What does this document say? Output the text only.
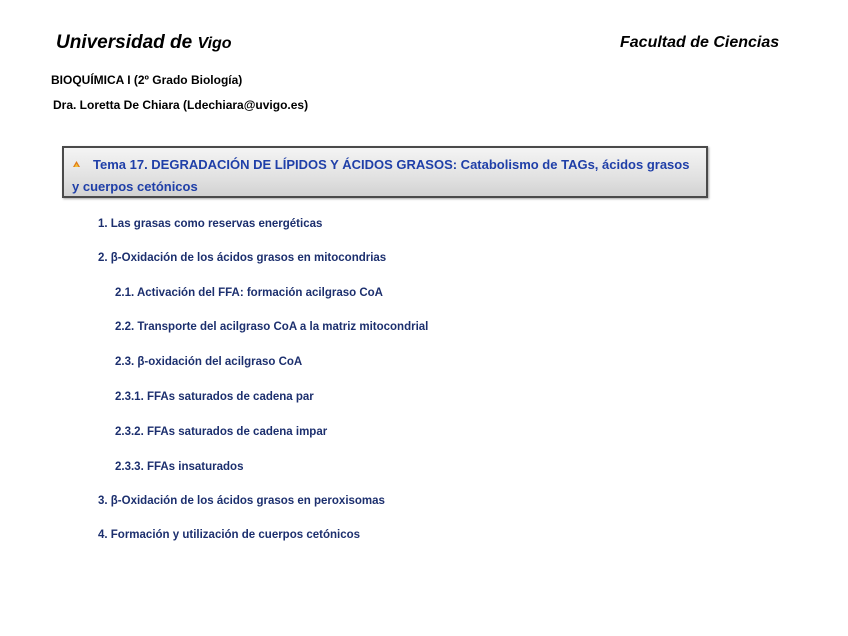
Universidad de Vigo	Facultad de Ciencias
BIOQUÍMICA I (2º Grado Biología)
Dra. Loretta De Chiara (Ldechiara@uvigo.es)
Tema 17. DEGRADACIÓN DE LÍPIDOS Y ÁCIDOS GRASOS: Catabolismo de TAGs, ácidos grasos y cuerpos cetónicos
1. Las grasas como reservas energéticas
2. β-Oxidación de los ácidos grasos en mitocondrias
2.1. Activación del FFA: formación acilgraso CoA
2.2. Transporte del acilgraso CoA a la matriz mitocondrial
2.3. β-oxidación del acilgraso CoA
2.3.1. FFAs saturados de cadena par
2.3.2. FFAs saturados de cadena impar
2.3.3. FFAs insaturados
3. β-Oxidación de los ácidos grasos en peroxisomas
4. Formación y utilización de cuerpos cetónicos
